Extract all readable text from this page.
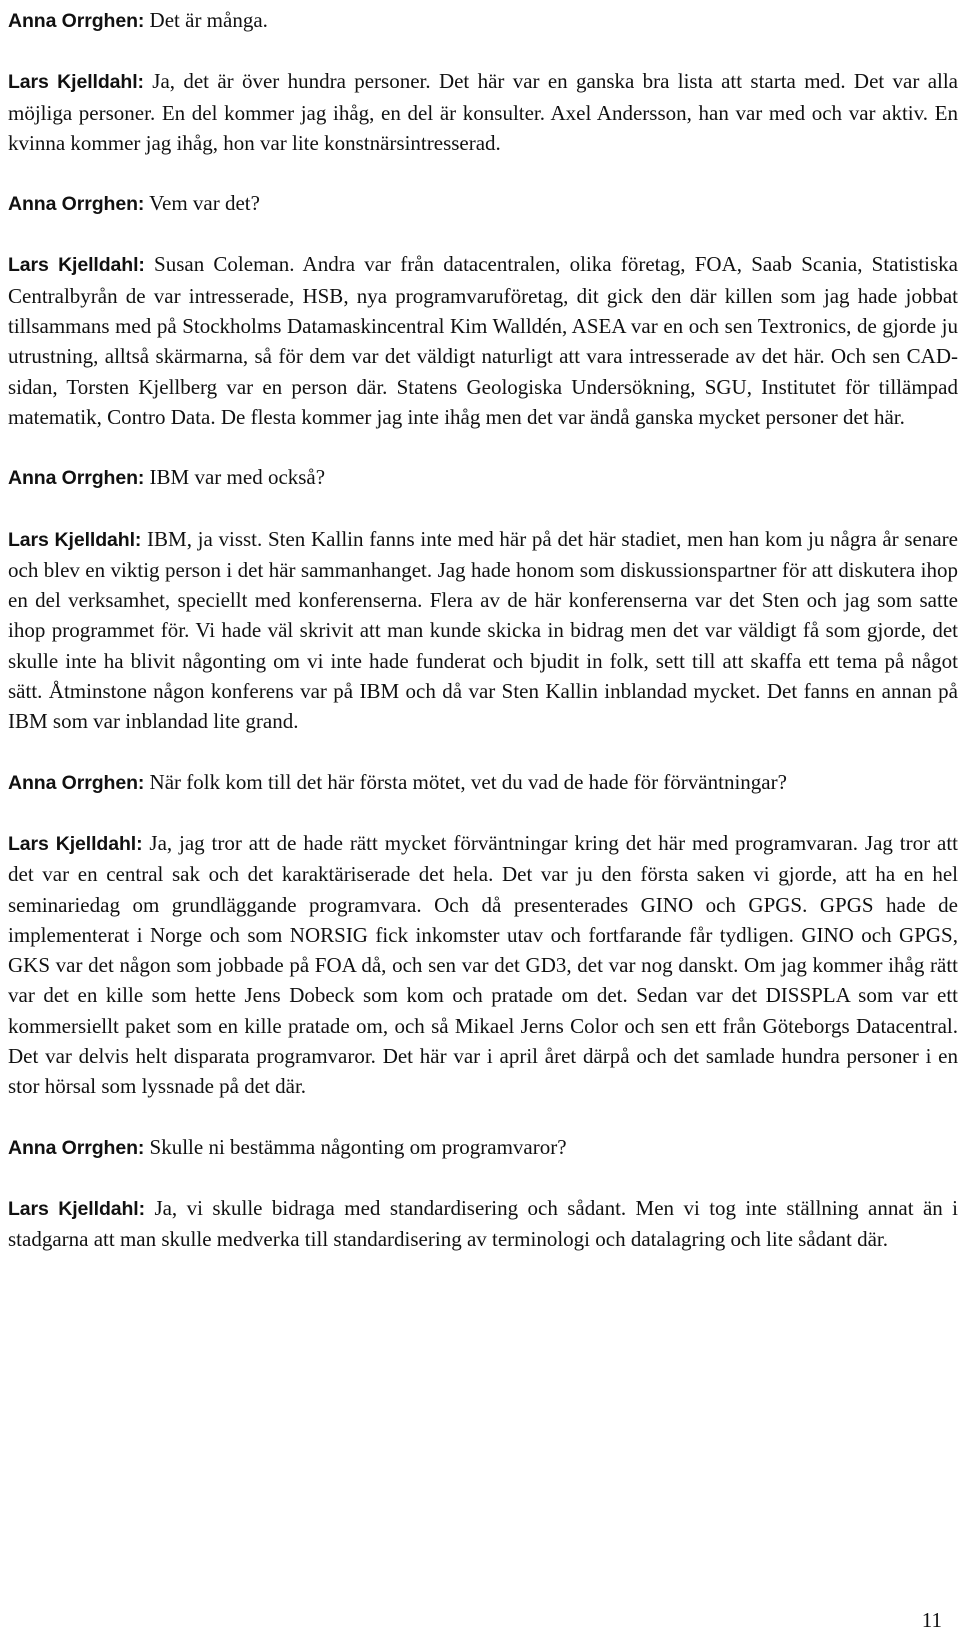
Anna Orrghen: Det är många.

Lars Kjelldahl: Ja, det är över hundra personer. Det här var en ganska bra lista att starta med. Det var alla möjliga personer. En del kommer jag ihåg, en del är konsulter. Axel Andersson, han var med och var aktiv. En kvinna kommer jag ihåg, hon var lite konstnärsintresserad.

Anna Orrghen: Vem var det?

Lars Kjelldahl: Susan Coleman. Andra var från datacentralen, olika företag, FOA, Saab Scania, Statistiska Centralbyrån de var intresserade, HSB, nya programvaruföretag, dit gick den där killen som jag hade jobbat tillsammans med på Stockholms Datamaskincentral Kim Walldén, ASEA var en och sen Textronics, de gjorde ju utrustning, alltså skärmarna, så för dem var det väldigt naturligt att vara intresserade av det här. Och sen CAD-sidan, Torsten Kjellberg var en person där. Statens Geologiska Undersökning, SGU, Institutet för tillämpad matematik, Contro Data. De flesta kommer jag inte ihåg men det var ändå ganska mycket personer det här.

Anna Orrghen: IBM var med också?

Lars Kjelldahl: IBM, ja visst. Sten Kallin fanns inte med här på det här stadiet, men han kom ju några år senare och blev en viktig person i det här sammanhanget. Jag hade honom som diskussionspartner för att diskutera ihop en del verksamhet, speciellt med konferenserna. Flera av de här konferenserna var det Sten och jag som satte ihop programmet för. Vi hade väl skrivit att man kunde skicka in bidrag men det var väldigt få som gjorde, det skulle inte ha blivit någonting om vi inte hade funderat och bjudit in folk, sett till att skaffa ett tema på något sätt. Åtminstone någon konferens var på IBM och då var Sten Kallin inblandad mycket. Det fanns en annan på IBM som var inblandad lite grand.

Anna Orrghen: När folk kom till det här första mötet, vet du vad de hade för förväntningar?

Lars Kjelldahl: Ja, jag tror att de hade rätt mycket förväntningar kring det här med programvaran. Jag tror att det var en central sak och det karaktäriserade det hela. Det var ju den första saken vi gjorde, att ha en hel seminariedag om grundläggande programvara. Och då presenterades GINO och GPGS. GPGS hade de implementerat i Norge och som NORSIG fick inkomster utav och fortfarande får tydligen. GINO och GPGS, GKS var det någon som jobbade på FOA då, och sen var det GD3, det var nog danskt. Om jag kommer ihåg rätt var det en kille som hette Jens Dobeck som kom och pratade om det. Sedan var det DISSPLA som var ett kommersiellt paket som en kille pratade om, och så Mikael Jerns Color och sen ett från Göteborgs Datacentral. Det var delvis helt disparata programvaror. Det här var i april året därpå och det samlade hundra personer i en stor hörsal som lyssnade på det där.

Anna Orrghen: Skulle ni bestämma någonting om programvaror?

Lars Kjelldahl: Ja, vi skulle bidraga med standardisering och sådant. Men vi tog inte ställning annat än i stadgarna att man skulle medverka till standardisering av terminologi och datalagring och lite sådant där.

11
